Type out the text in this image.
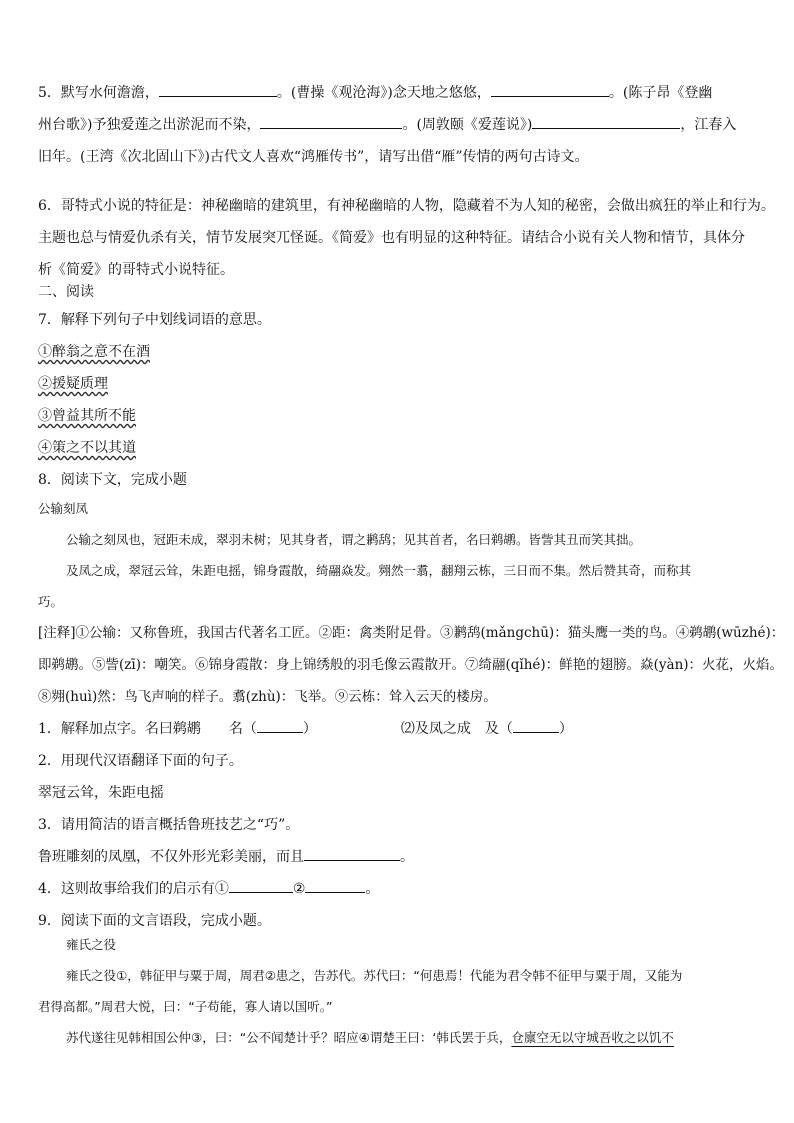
5．默写水何澹澹，	。(曹操《观沧海》)念天地之悠悠，	。(陈子昂《登幽
州台歌》)予独爱莲之出淤泥而不染，	。(周敦颐《爱莲说》)	，江春入
旧年。(王湾《次北固山下》)古代文人喜欢“鸿雁传书”，请写出借“雁”传情的两句古诗文。
6．哥特式小说的特征是：神秘幽暗的建筑里，有神秘幽暗的人物，隐藏着不为人知的秘密，会做出疯狂的举止和行为。
主题也总与情爱仇杀有关，情节发展突兀怪诞。《简爱》也有明显的这种特征。请结合小说有关人物和情节，具体分
析《简爱》的哥特式小说特征。
二、阅读
7．解释下列句子中划线词语的意思。
①醉翁之意不在酒
②援疑质理
③曾益其所不能
④策之不以其道
8．阅读下文，完成小题
公输刻凤
公输之刻凤也，冠距未成，翠羽未树；见其身者，谓之鹣鸹；见其首者，名曰鹈鹕。皆訾其丑而笑其拙。
及凤之成，翠冠云耸，朱距电摇，锦身霞散，绮翮焱发。翙然一翥，翻翔云栋，三日而不集。然后赞其奇，而称其
巧。
[注释]①公输：又称鲁班，我国古代著名工匠。②距：禽类附足骨。③鹣鸹(mǎngchū)：猫头鹰一类的鸟。④鹈鹕(wūzhé)：
即鹈鹕。⑤訾(zī)：嘲笑。⑥锦身霞散：身上锦绣般的羽毛像云霞散开。⑦绮翮(qǐhé)：鲜艳的翅膀。焱(yàn)：火花，火焰。
⑧翙(huì)然：鸟飞声响的样子。翥(zhù)：飞举。⑨云栋：耸入云天的楼房。
1．解释加点字。名曰鹈鹕　　名（	）	⑵及凤之成　及（	）
2．用现代汉语翻译下面的句子。
翠冠云耸，朱距电摇
3．请用简洁的语言概括鲁班技艺之“巧”。
鲁班雕刻的凤凰，不仅外形光彩美丽，而且	。
4．这则故事给我们的启示有①	②	。
9．阅读下面的文言语段，完成小题。
雍氏之役
雍氏之役①，韩征甲与粟于周，周君②患之，告苏代。苏代曰：“何患焉！代能为君令韩不征甲与粟于周，又能为
君得高都。”周君大悦，曰：“子苟能，寡人请以国听。”
苏代遂往见韩相国公仲③，曰：“公不闻楚计乎？昭应④谓楚王曰：‘韩氏罢于兵，仓廪空无以守城吾收之以饥不
